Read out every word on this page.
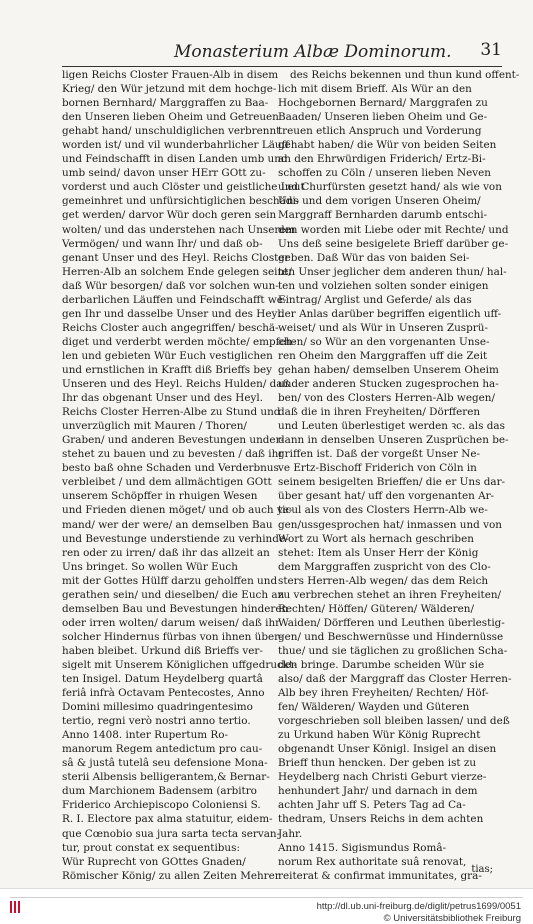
Monasterium Albæ Dominorum. 31
ligen Reichs Closter Frauen-Alb in disem
Krieg/ den Wür jetzund mit dem hochge-
bornen Bernhard/ Marggraffen zu Baa-
den Unseren lieben Oheim und Getreuen
gehabt hand/ unschuldiglichen verbrennt
worden ist/ und vil wunderbahrlicher Läuff
und Feindschafft in disen Landen umb und
umb seind/ davon unser HErr GOtt zu-
vorderst und auch Clöster und geistliche Leut
gemeinhret und unfürsichtiglichen beschädi-
get werden/ darvor Wür doch geren sein
wolten/ und das understehen nach Unserem
Vermögen/ und wann Ihr/ und daß ob-
genant Unser und des Heyl. Reichs Closter
Herren-Alb an solchem Ende gelegen seint/
daß Wür besorgen/ daß vor solchen wun-
derbarlichen Läuffen und Feindschafft we-
gen Ihr und dasselbe Unser und des Heyl.
Reichs Closter auch angegriffen/ beschä-
diget und verderbt werden möchte/ empfeh-
len und gebieten Wür Euch vestiglichen
und ernstlichen in Krafft diß Brieffs bey
Unseren und des Heyl. Reichs Hulden/ daß
Ihr das obgenant Unser und des Heyl.
Reichs Closter Herren-Albe zu Stund und
unverzüglich mit Mauren / Thoren/
Graben/ und anderen Bevestungen under-
stehet zu bauen und zu bevesten / daß ihr
besto baß ohne Schaden und Verderbnus
verbleibet / und dem allmächtigen GOtt
unserem Schöpffer in rhuigen Wesen
und Frieden dienen möget/ und ob auch ye-
mand/ wer der were/ an demselben Bau
und Bevestunge understiende zu verhinde-
ren oder zu irren/ daß ihr das allzeit an
Uns bringet. So wollen Wür Euch
mit der Gottes Hülff darzu geholffen und
gerathen sein/ und dieselben/ die Euch an
demselben Bau und Bevestungen hinderen
oder irren wolten/ darum weisen/ daß ihr
solcher Hindernus fürbas von ihnen über-
haben bleibet. Urkund diß Brieffs ver-
sigelt mit Unserem Königlichen uffgedruckt-
ten Insigel. Datum Heydelberg quartâ
feriâ infrà Octavam Pentecostes, Anno
Domini millesimo quadringentesimo
tertio, regni verò nostri anno tertio.
Anno 1408. inter Rupertum Ro-
manorum Regem antedictum pro cau-
sâ & justâ tutelâ seu defensione Mona-
sterii Albensis belligerantem,& Bernar-
dum Marchionem Badensem (arbitro
Friderico Archiepiscopo Coloniensi S.
R. I. Electore pax alma statuitur, eidem-
que Cœnobio sua jura sarta tecta servan-
tur, prout constat ex sequentibus:
Wür Ruprecht von GOttes Gnaden/
Römischer König/ zu allen Zeiten Mehrer
des Reichs bekennen und thun kund offent-
lich mit disem Brieff. Als Wür an den
Hochgebornen Bernard/ Marggrafen zu
Baaden/ Unseren lieben Oheim und Ge-
treuen etlich Anspruch und Vorderung
gehabt haben/ die Wür von beiden Seiten
an den Ehrwürdigen Friderich/ Ertz-Bi-
schoffen zu Cöln / unseren lieben Neven
und Churfürsten gesetzt hand/ als wie von
Uns und dem vorigen Unseren Oheim/
Marggraff Bernharden darumb entschi-
den worden mit Liebe oder mit Rechte/ und
Uns deß seine besigelete Brieff darüber ge-
geben. Daß Wür das von baiden Sei-
ten Unser jeglicher dem anderen thun/ hal-
ten und volziehen solten sonder einigen
Eintrag/ Arglist und Geferde/ als das
der Anlas darüber begriffen eigentlich uff-
weiset/ und als Wür in Unseren Zusprü-
chen/ so Wür an den vorgenanten Unse-
ren Oheim den Marggraffen uff die Zeit
gehan haben/ demselben Unserem Oheim
under anderen Stucken zugesprochen ha-
ben/ von des Closters Herren-Alb wegen/
daß die in ihren Freyheiten/ Dörfferen
und Leuten überlestiget werden ꝛc. als das
dann in denselben Unseren Zusprüchen be-
griffen ist. Daß der vorgeßt Unser Ne-
ve Ertz-Bischoff Friderich von Cöln in
seinem besigelten Brieffen/ die er Uns dar-
über gesant hat/ uff den vorgenanten Ar-
ticul als von des Closters Herrn-Alb we-
gen/ussgesprochen hat/ inmassen und von
Wort zu Wort als hernach geschriben
stehet: Item als Unser Herr der König
dem Marggraffen zuspricht von des Clo-
sters Herren-Alb wegen/ das dem Reich
zu verbrechen stehet an ihren Freyheiten/
Rechten/ Höffen/ Güteren/ Wälderen/
Waiden/ Dörfferen und Leuthen überlestig-
gen/ und Beschwernüsse und Hindernüsse
thue/ und sie täglichen zu großlichen Scha-
den bringe. Darumbe scheiden Wür sie
also/ daß der Marggraff das Closter Herren-
Alb bey ihren Freyheiten/ Rechten/ Höf-
fen/ Wälderen/ Wayden und Güteren
vorgeschrieben soll bleiben lassen/ und deß
zu Urkund haben Wür König Ruprecht
obgenandt Unser Königl. Insigel an disen
Brieff thun hencken. Der geben ist zu
Heydelberg nach Christi Geburt vierze-
henhundert Jahr/ und darnach in dem
achten Jahr uff S. Peters Tag ad Ca-
thedram, Unsers Reichs in dem achten
Jahr.
Anno 1415. Sigismundus Româ-
norum Rex authoritate suâ renovat,
reiterat & confirmat immunitates, gra-
tias;
http://dl.ub.uni-freiburg.de/diglit/petrus1699/0051
© Universitätsbibliothek Freiburg
